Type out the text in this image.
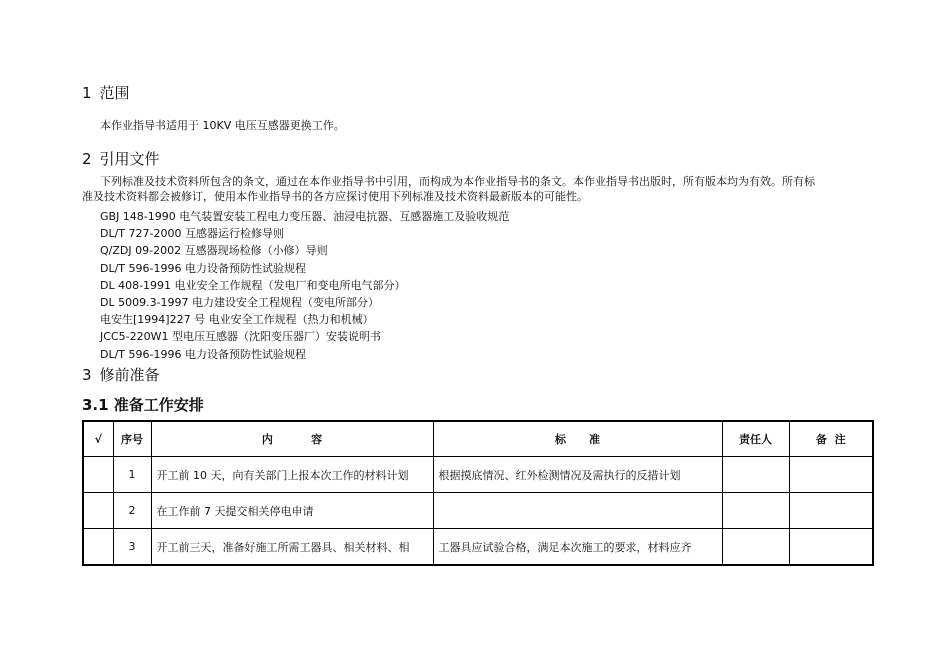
1 范围
本作业指导书适用于 10KV 电压互感器更换工作。
2 引用文件
下列标准及技术资料所包含的条文，通过在本作业指导书中引用，而构成为本作业指导书的条文。本作业指导书出版时，所有版本均为有效。所有标
准及技术资料都会被修订，使用本作业指导书的各方应探讨使用下列标准及技术资料最新版本的可能性。
GBJ 148-1990 电气装置安装工程电力变压器、油浸电抗器、互感器施工及验收规范
DL/T 727-2000 互感器运行检修导则
Q/ZDJ 09-2002 互感器现场检修（小修）导则
DL/T 596-1996 电力设备预防性试验规程
DL 408-1991 电业安全工作规程（发电厂和变电所电气部分）
DL 5009.3-1997 电力建设安全工程规程（变电所部分）
电安生[1994]227 号 电业安全工作规程（热力和机械）
JCC5-220W1 型电压互感器（沈阳变压器厂）安装说明书
DL/T 596-1996 电力设备预防性试验规程
3 修前准备
3.1 准备工作安排
√	序号	内          容	标      准	责任人	备  注
	1	开工前 10 天，向有关部门上报本次工作的材料计划	根据摸底情况、红外检测情况及需执行的反措计划		
	2	在工作前 7 天提交相关停电申请			
	3	开工前三天，准备好施工所需工器具、相关材料、相	工器具应试验合格，满足本次施工的要求，材料应齐		
